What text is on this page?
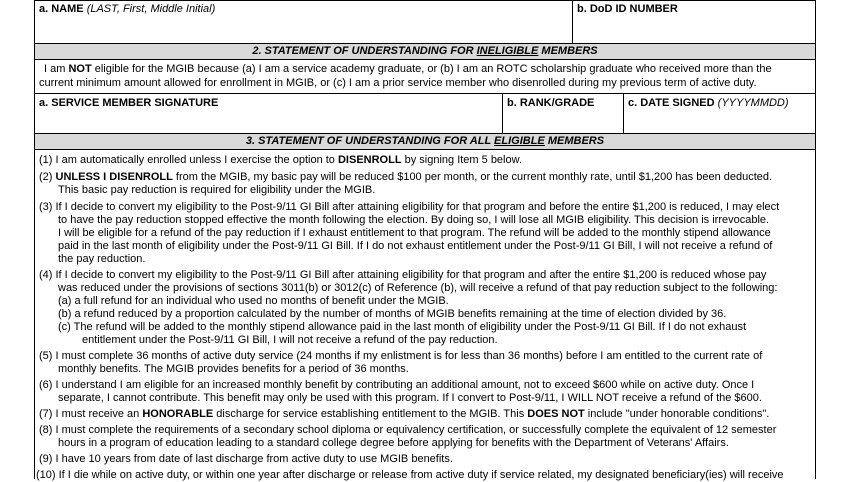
a. NAME (LAST, First, Middle Initial)	b. DoD ID NUMBER
2. STATEMENT OF UNDERSTANDING FOR INELIGIBLE MEMBERS
I am NOT eligible for the MGIB because (a) I am a service academy graduate, or (b) I am an ROTC scholarship graduate who received more than the
current minimum amount allowed for enrollment in MGIB, or (c) I am a prior service member who disenrolled during my previous term of active duty.
a. SERVICE MEMBER SIGNATURE	b. RANK/GRADE	c. DATE SIGNED (YYYYMMDD)
3. STATEMENT OF UNDERSTANDING FOR ALL ELIGIBLE MEMBERS
(1) I am automatically enrolled unless I exercise the option to DISENROLL by signing Item 5 below.
(2) UNLESS I DISENROLL from the MGIB, my basic pay will be reduced $100 per month, or the current monthly rate, until $1,200 has been deducted.
This basic pay reduction is required for eligibility under the MGIB.
(3) If I decide to convert my eligibility to the Post-9/11 GI Bill after attaining eligibility for that program and before the entire $1,200 is reduced, I may elect
to have the pay reduction stopped effective the month following the election. By doing so, I will lose all MGIB eligibility. This decision is irrevocable.
I will be eligible for a refund of the pay reduction if I exhaust entitlement to that program. The refund will be added to the monthly stipend allowance
paid in the last month of eligibility under the Post-9/11 GI Bill. If I do not exhaust entitlement under the Post-9/11 GI Bill, I will not receive a refund of
the pay reduction.
(4) If I decide to convert my eligibility to the Post-9/11 GI Bill after attaining eligibility for that program and after the entire $1,200 is reduced whose pay
was reduced under the provisions of sections 3011(b) or 3012(c) of Reference (b), will receive a refund of that pay reduction subject to the following:
(a) a full refund for an individual who used no months of benefit under the MGIB.
(b) a refund reduced by a proportion calculated by the number of months of MGIB benefits remaining at the time of election divided by 36.
(c) The refund will be added to the monthly stipend allowance paid in the last month of eligibility under the Post-9/11 GI Bill. If I do not exhaust
entitlement under the Post-9/11 GI Bill, I will not receive a refund of the pay reduction.
(5) I must complete 36 months of active duty service (24 months if my enlistment is for less than 36 months) before I am entitled to the current rate of
monthly benefits. The MGIB provides benefits for a period of 36 months.
(6) I understand I am eligible for an increased monthly benefit by contributing an additional amount, not to exceed $600 while on active duty. Once I
separate, I cannot contribute. This benefit may only be used with this program. If I convert to Post-9/11, I WILL NOT receive a refund of the $600.
(7) I must receive an HONORABLE discharge for service establishing entitlement to the MGIB. This DOES NOT include "under honorable conditions".
(8) I must complete the requirements of a secondary school diploma or equivalency certification, or successfully complete the equivalent of 12 semester
hours in a program of education leading to a standard college degree before applying for benefits with the Department of Veterans' Affairs.
(9) I have 10 years from date of last discharge from active duty to use MGIB benefits.
(10) If I die while on active duty, or within one year after discharge or release from active duty if service related, my designated beneficiary(ies) will receive
